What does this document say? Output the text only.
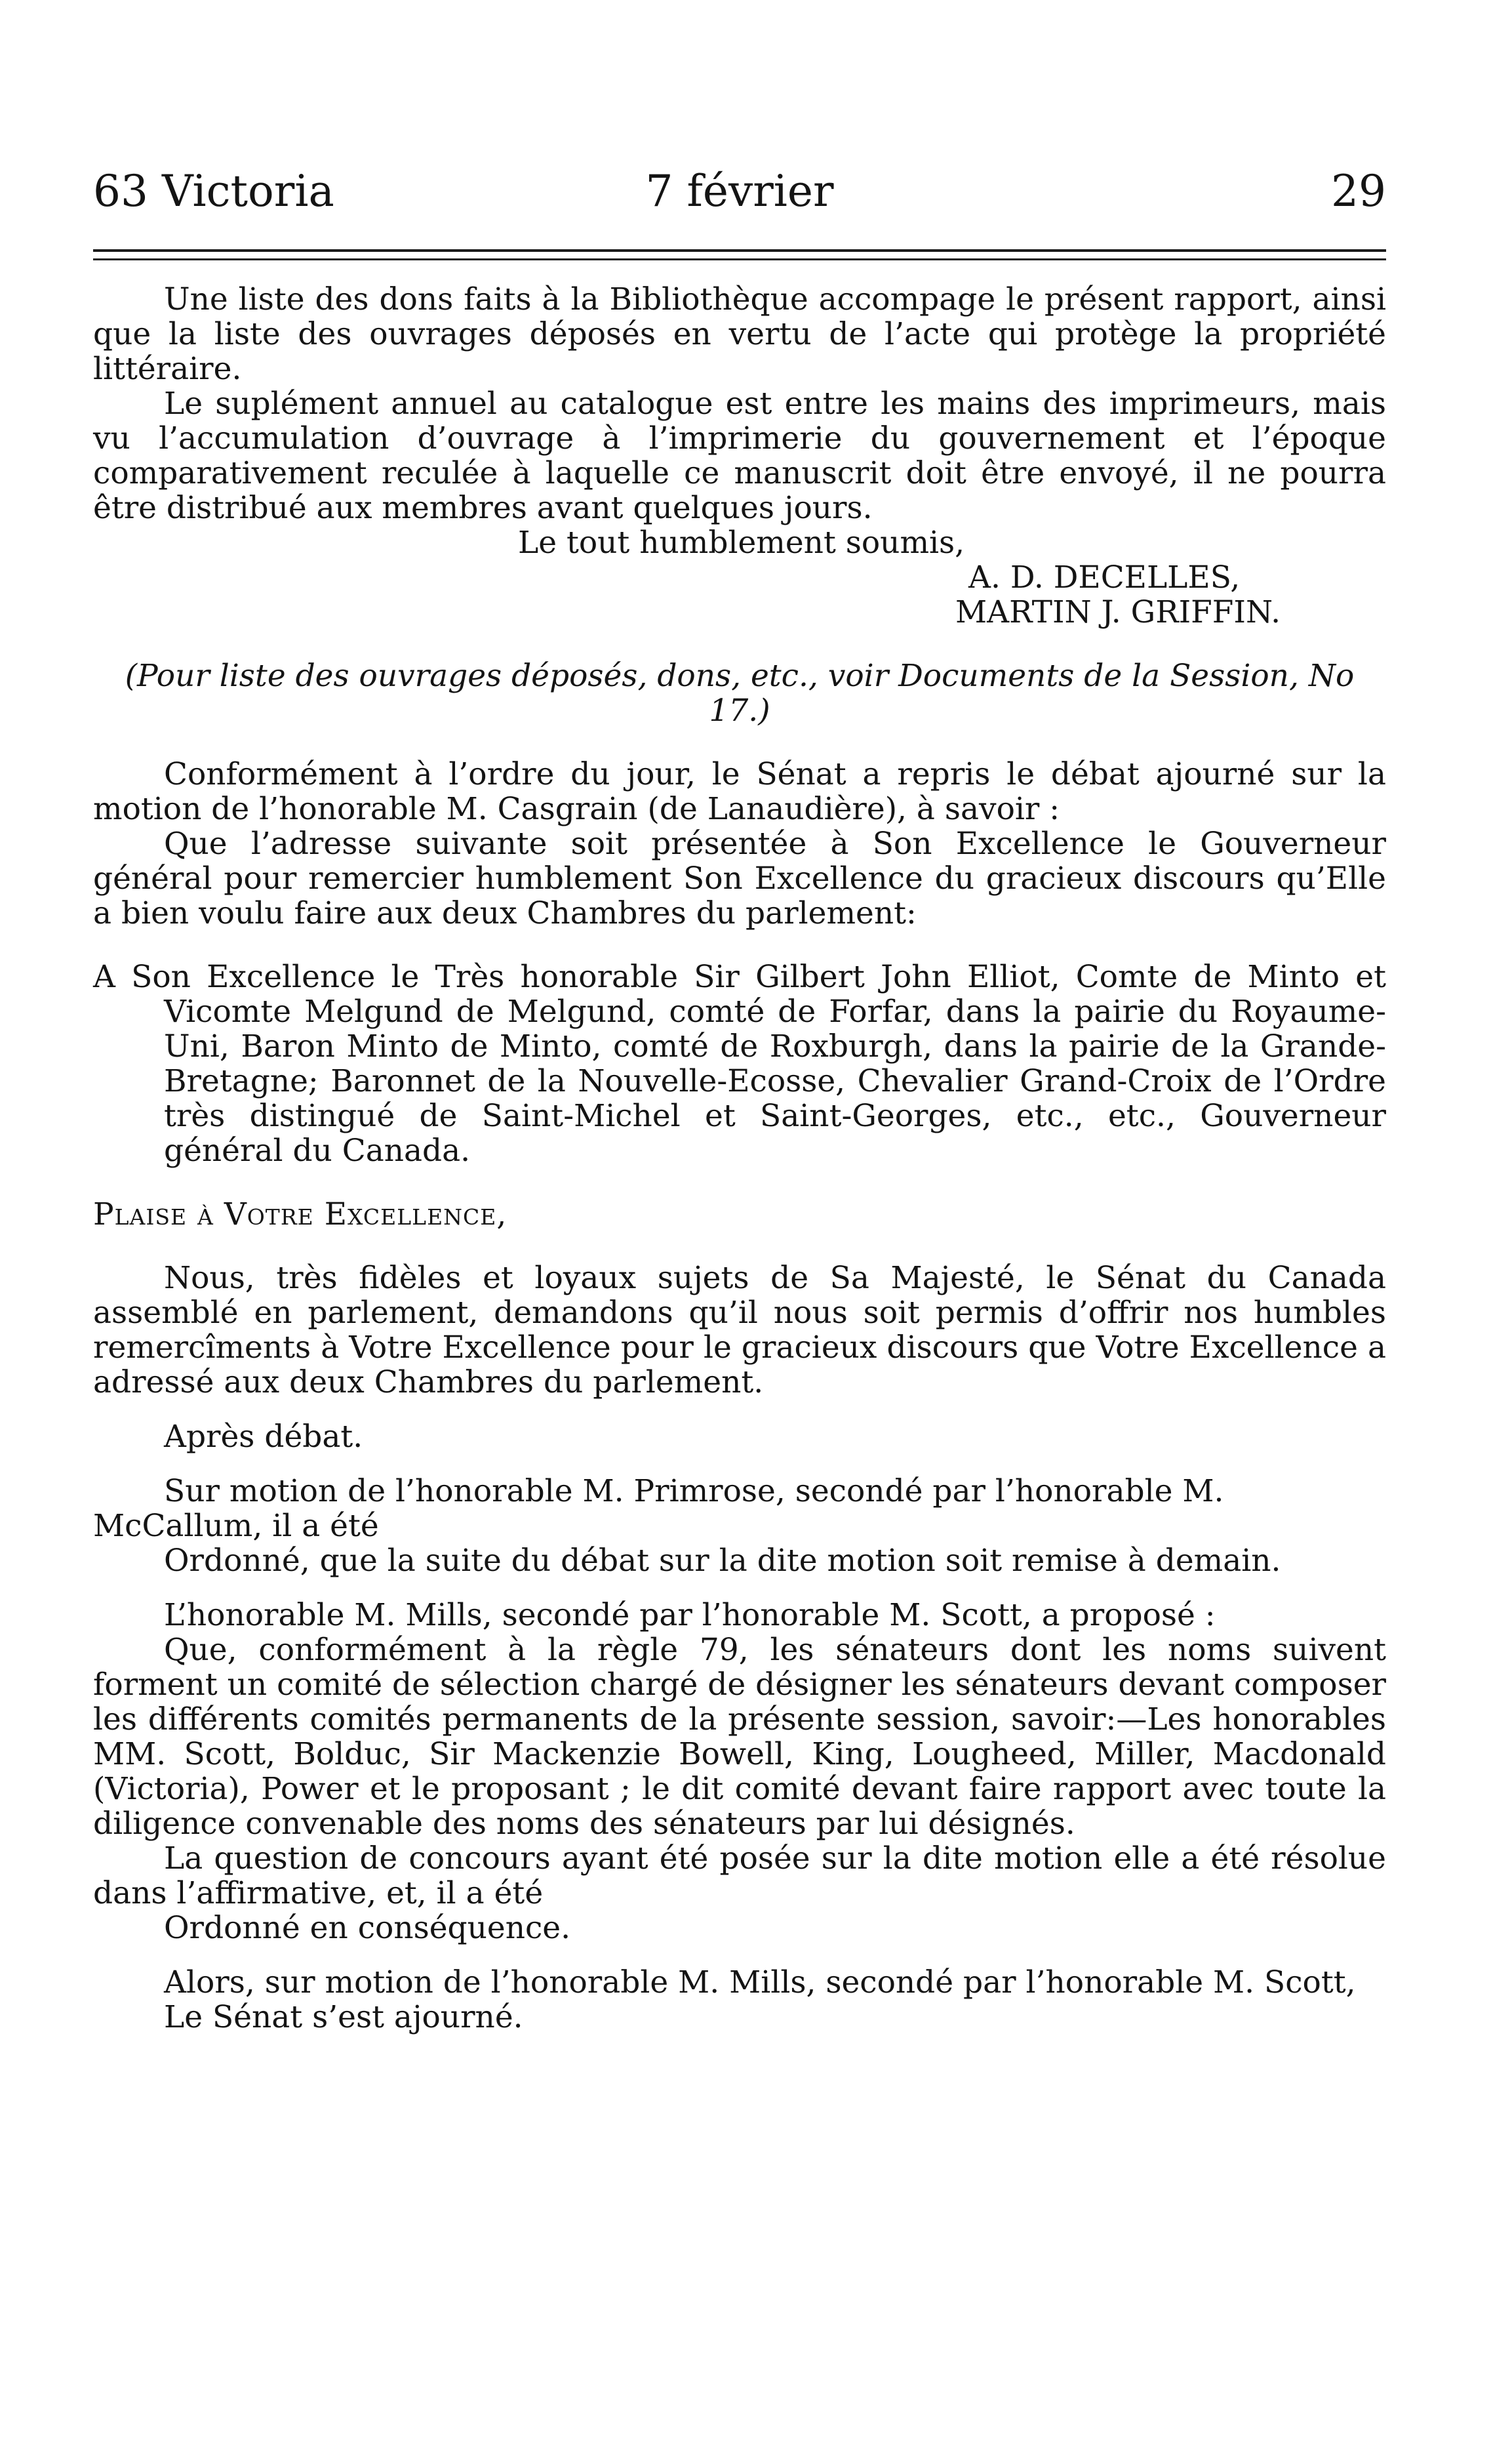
63 Victoria	7 février	29

Une liste des dons faits à la Bibliothèque accompage le présent rapport, ainsi que la liste des ouvrages déposés en vertu de l’acte qui protège la propriété littéraire.

Le suplément annuel au catalogue est entre les mains des imprimeurs, mais vu l’accumulation d’ouvrage à l’imprimerie du gouvernement et l’époque comparativement reculée à laquelle ce manuscrit doit être envoyé, il ne pourra être distribué aux membres avant quelques jours.

Le tout humblement soumis,

A. D. DECELLES,

MARTIN J. GRIFFIN.

(Pour liste des ouvrages déposés, dons, etc., voir Documents de la Session, No 17.)

Conformément à l’ordre du jour, le Sénat a repris le débat ajourné sur la motion de l’honorable M. Casgrain (de Lanaudière), à savoir :

Que l’adresse suivante soit présentée à Son Excellence le Gouverneur général pour remercier humblement Son Excellence du gracieux discours qu’Elle a bien voulu faire aux deux Chambres du parlement:

A Son Excellence le Très honorable Sir Gilbert John Elliot, Comte de Minto et Vicomte Melgund de Melgund, comté de Forfar, dans la pairie du Royaume-Uni, Baron Minto de Minto, comté de Roxburgh, dans la pairie de la Grande-Bretagne; Baronnet de la Nouvelle-Ecosse, Chevalier Grand-Croix de l’Ordre très distingué de Saint-Michel et Saint-Georges, etc., etc., Gouverneur général du Canada.

Plaise à Votre Excellence,

Nous, très fidèles et loyaux sujets de Sa Majesté, le Sénat du Canada assemblé en parlement, demandons qu’il nous soit permis d’offrir nos humbles remercîments à Votre Excellence pour le gracieux discours que Votre Excellence a adressé aux deux Chambres du parlement.

Après débat.

Sur motion de l’honorable M. Primrose, secondé par l’honorable M. McCallum, il a été

Ordonné, que la suite du débat sur la dite motion soit remise à demain.

L’honorable M. Mills, secondé par l’honorable M. Scott, a proposé :

Que, conformément à la règle 79, les sénateurs dont les noms suivent forment un comité de sélection chargé de désigner les sénateurs devant composer les différents comités permanents de la présente session, savoir:—Les honorables MM. Scott, Bolduc, Sir Mackenzie Bowell, King, Lougheed, Miller, Macdonald (Victoria), Power et le proposant ; le dit comité devant faire rapport avec toute la diligence convenable des noms des sénateurs par lui désignés.

La question de concours ayant été posée sur la dite motion elle a été résolue dans l’affirmative, et, il a été

Ordonné en conséquence.

Alors, sur motion de l’honorable M. Mills, secondé par l’honorable M. Scott,

Le Sénat s’est ajourné.
